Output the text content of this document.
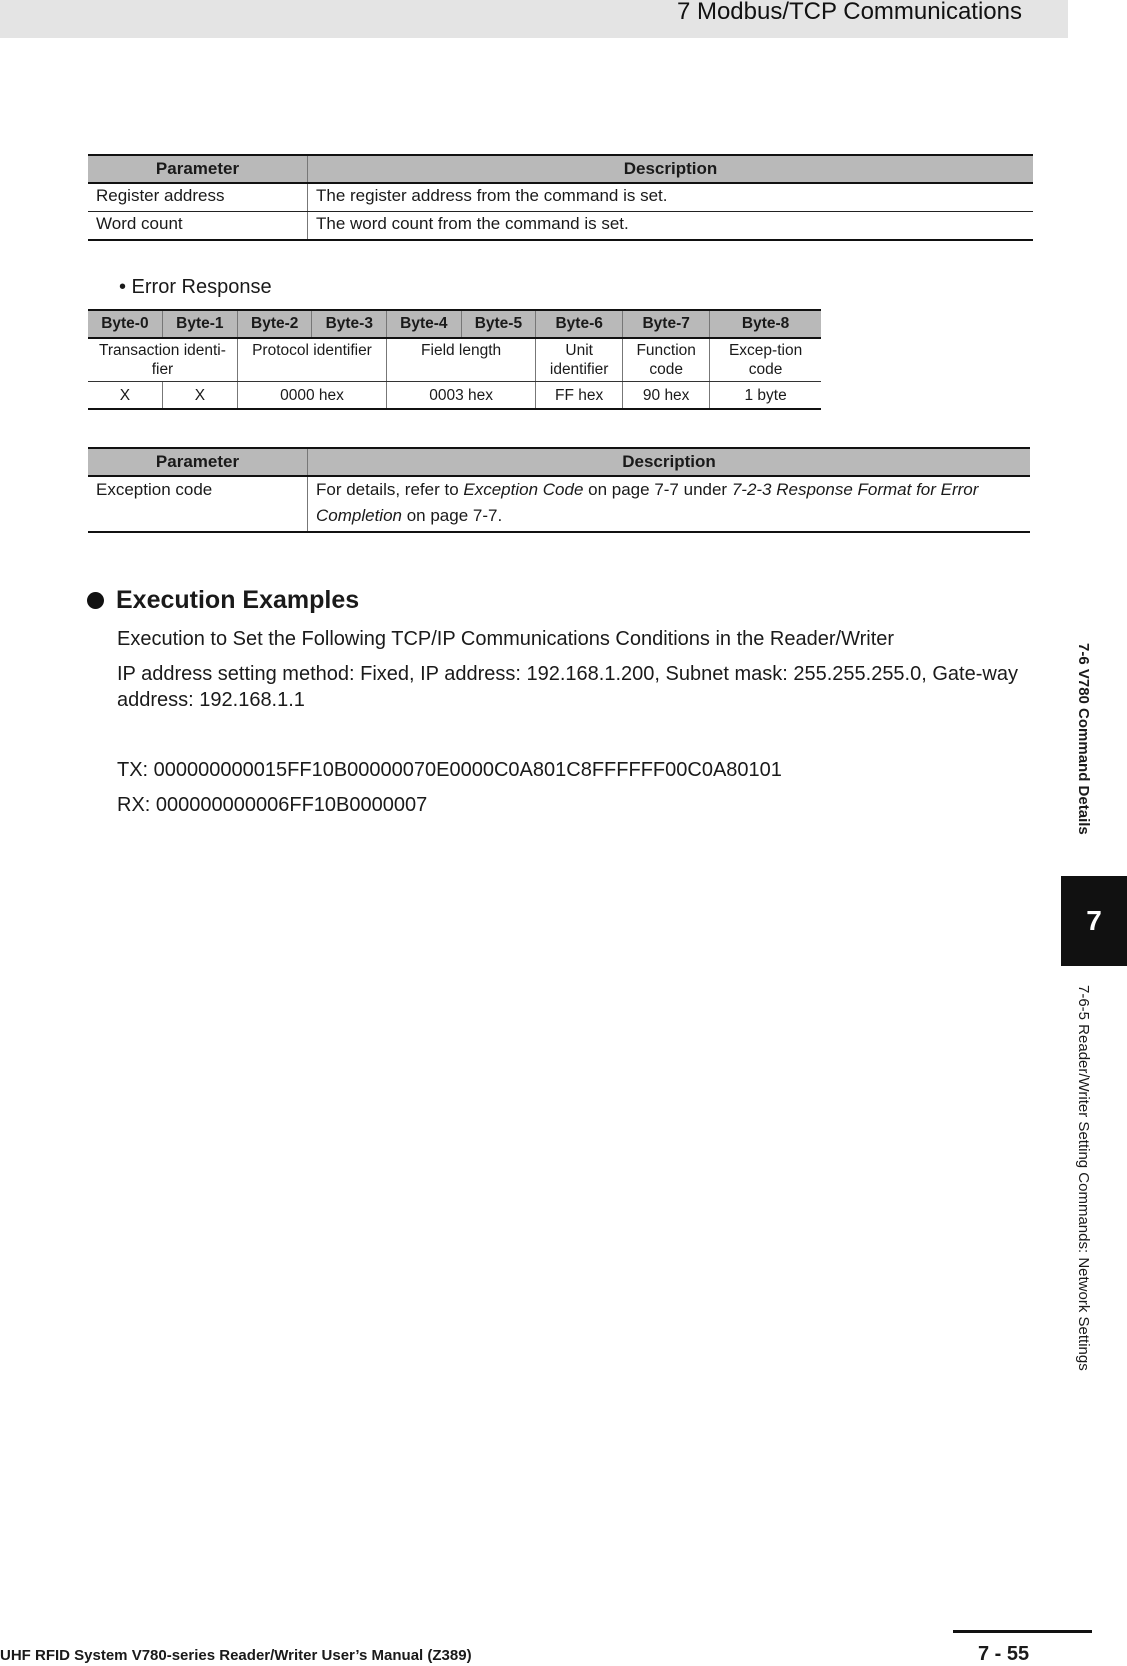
7 Modbus/TCP Communications
Parameter	Description
Register address	The register address from the command is set.
Word count	The word count from the command is set.
• Error Response
Byte-0	Byte-1	Byte-2	Byte-3	Byte-4	Byte-5	Byte-6	Byte-7	Byte-8
Transaction identi-fier		Protocol identifier		Field length		Unit identifier	Function code	Excep-tion code
X	X	0000 hex		0003 hex		FF hex	90 hex	1 byte
Parameter	Description
Exception code	For details, refer to Exception Code on page 7-7 under 7-2-3 Response Format for Error Completion on page 7-7.
Execution Examples
Execution to Set the Following TCP/IP Communications Conditions in the Reader/Writer
IP address setting method: Fixed, IP address: 192.168.1.200, Subnet mask: 255.255.255.0, Gate-way address: 192.168.1.1
TX: 000000000015FF10B00000070E0000C0A801C8FFFFFF00C0A80101
RX: 000000000006FF10B0000007	7-6 V780 Command Details
7
7-6-5 Reader/Writer Setting Commands: Network Settings
UHF RFID System V780-series Reader/Writer User’s Manual (Z389)	7 - 55
